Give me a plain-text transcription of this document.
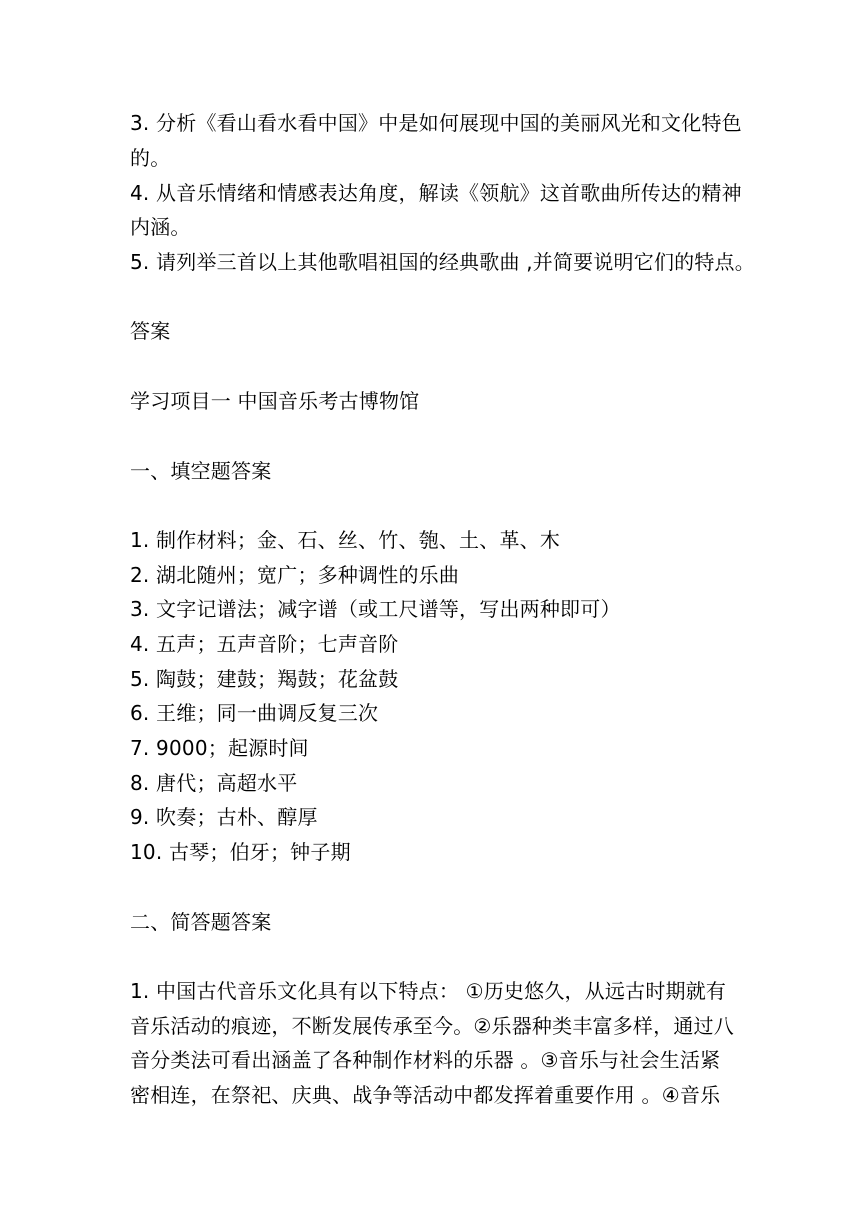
3. 分析《看山看水看中国》中是如何展现中国的美丽风光和文化特色
的。
4. 从音乐情绪和情感表达角度，解读《领航》这首歌曲所传达的精神
内涵。
5. 请列举三首以上其他歌唱祖国的经典歌曲 ,并简要说明它们的特点。
答案
学习项目一 中国音乐考古博物馆
一、填空题答案
1. 制作材料；金、石、丝、竹、匏、土、革、木
2. 湖北随州；宽广；多种调性的乐曲
3. 文字记谱法；减字谱（或工尺谱等，写出两种即可）
4. 五声；五声音阶；七声音阶
5. 陶鼓；建鼓；羯鼓；花盆鼓
6. 王维；同一曲调反复三次
7. 9000；起源时间
8. 唐代；高超水平
9. 吹奏；古朴、醇厚
10. 古琴；伯牙；钟子期
二、简答题答案
1. 中国古代音乐文化具有以下特点： ①历史悠久，从远古时期就有
音乐活动的痕迹，不断发展传承至今。②乐器种类丰富多样，通过八
音分类法可看出涵盖了各种制作材料的乐器 。③音乐与社会生活紧
密相连，在祭祀、庆典、战争等活动中都发挥着重要作用 。④音乐
